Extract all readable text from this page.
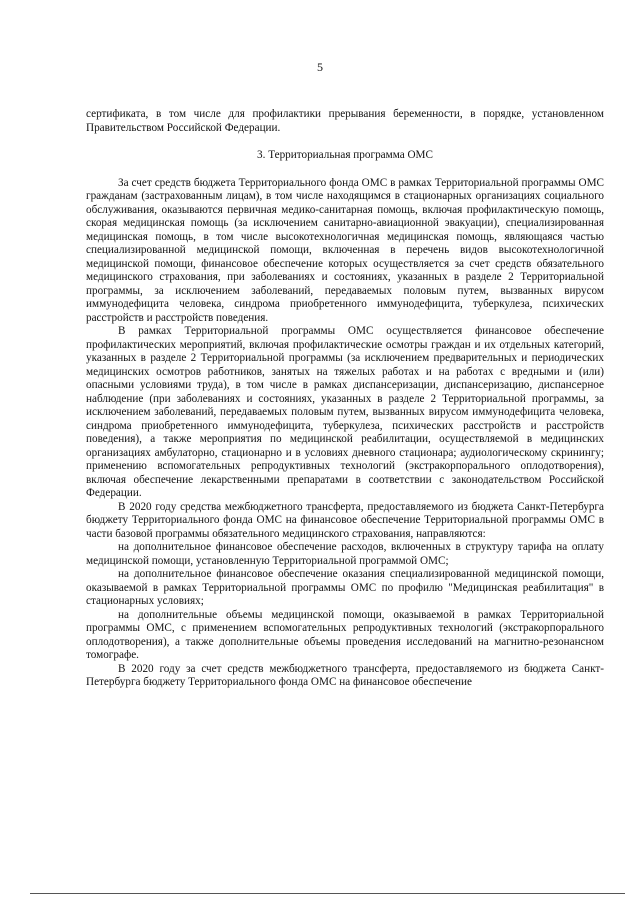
5

сертификата, в том числе для профилактики прерывания беременности, в порядке, установленном Правительством Российской Федерации.

3. Территориальная программа ОМС

За счет средств бюджета Территориального фонда ОМС в рамках Территориальной программы ОМС гражданам (застрахованным лицам), в том числе находящимся в стационарных организациях социального обслуживания, оказываются первичная медико-санитарная помощь, включая профилактическую помощь, скорая медицинская помощь (за исключением санитарно-авиационной эвакуации), специализированная медицинская помощь, в том числе высокотехнологичная медицинская помощь, являющаяся частью специализированной медицинской помощи, включенная в перечень видов высокотехнологичной медицинской помощи, финансовое обеспечение которых осуществляется за счет средств обязательного медицинского страхования, при заболеваниях и состояниях, указанных в разделе 2 Территориальной программы, за исключением заболеваний, передаваемых половым путем, вызванных вирусом иммунодефицита человека, синдрома приобретенного иммунодефицита, туберкулеза, психических расстройств и расстройств поведения.

В рамках Территориальной программы ОМС осуществляется финансовое обеспечение профилактических мероприятий, включая профилактические осмотры граждан и их отдельных категорий, указанных в разделе 2 Территориальной программы (за исключением предварительных и периодических медицинских осмотров работников, занятых на тяжелых работах и на работах с вредными и (или) опасными условиями труда), в том числе в рамках диспансеризации, диспансеризацию, диспансерное наблюдение (при заболеваниях и состояниях, указанных в разделе 2 Территориальной программы, за исключением заболеваний, передаваемых половым путем, вызванных вирусом иммунодефицита человека, синдрома приобретенного иммунодефицита, туберкулеза, психических расстройств и расстройств поведения), а также мероприятия по медицинской реабилитации, осуществляемой в медицинских организациях амбулаторно, стационарно и в условиях дневного стационара; аудиологическому скринингу; применению вспомогательных репродуктивных технологий (экстракорпорального оплодотворения), включая обеспечение лекарственными препаратами в соответствии с законодательством Российской Федерации.

В 2020 году средства межбюджетного трансферта, предоставляемого из бюджета Санкт-Петербурга бюджету Территориального фонда ОМС на финансовое обеспечение Территориальной программы ОМС в части базовой программы обязательного медицинского страхования, направляются:

на дополнительное финансовое обеспечение расходов, включенных в структуру тарифа на оплату медицинской помощи, установленную Территориальной программой ОМС;

на дополнительное финансовое обеспечение оказания специализированной медицинской помощи, оказываемой в рамках Территориальной программы ОМС по профилю "Медицинская реабилитация" в стационарных условиях;

на дополнительные объемы медицинской помощи, оказываемой в рамках Территориальной программы ОМС, с применением вспомогательных репродуктивных технологий (экстракорпорального оплодотворения), а также дополнительные объемы проведения исследований на магнитно-резонансном томографе.

В 2020 году за счет средств межбюджетного трансферта, предоставляемого из бюджета Санкт-Петербурга бюджету Территориального фонда ОМС на финансовое обеспечение
